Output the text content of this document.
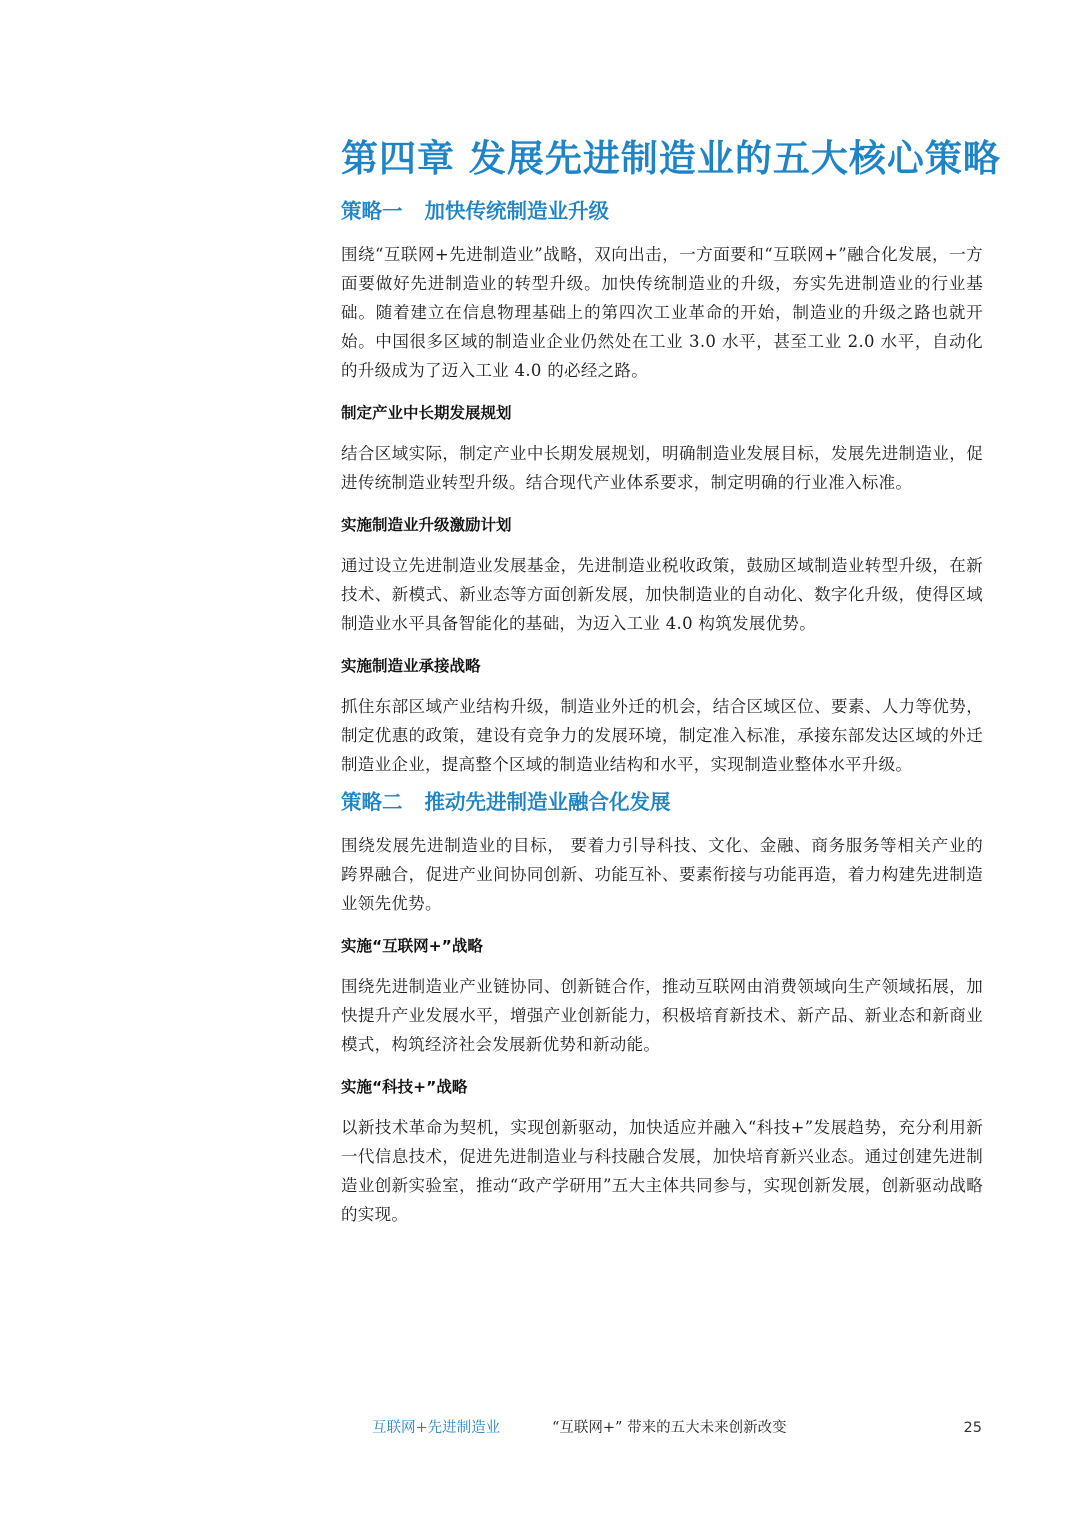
第四章 发展先进制造业的五大核心策略
策略一 加快传统制造业升级

围绕“互联网+先进制造业”战略，双向出击，一方面要和“互联网+”融合化发展，一方面要做好先进制造业的转型升级。加快传统制造业的升级，夯实先进制造业的行业基础。随着建立在信息物理基础上的第四次工业革命的开始，制造业的升级之路也就开始。中国很多区域的制造业企业仍然处在工业 3.0 水平，甚至工业 2.0 水平，自动化的升级成为了迈入工业 4.0 的必经之路。

制定产业中长期发展规划

结合区域实际，制定产业中长期发展规划，明确制造业发展目标，发展先进制造业，促进传统制造业转型升级。结合现代产业体系要求，制定明确的行业准入标准。

实施制造业升级激励计划

通过设立先进制造业发展基金，先进制造业税收政策，鼓励区域制造业转型升级，在新技术、新模式、新业态等方面创新发展，加快制造业的自动化、数字化升级，使得区域制造业水平具备智能化的基础，为迈入工业 4.0 构筑发展优势。

实施制造业承接战略

抓住东部区域产业结构升级，制造业外迁的机会，结合区域区位、要素、人力等优势，制定优惠的政策，建设有竞争力的发展环境，制定准入标准，承接东部发达区域的外迁制造业企业，提高整个区域的制造业结构和水平，实现制造业整体水平升级。

策略二 推动先进制造业融合化发展

围绕发展先进制造业的目标， 要着力引导科技、文化、金融、商务服务等相关产业的跨界融合，促进产业间协同创新、功能互补、要素衔接与功能再造，着力构建先进制造业领先优势。

实施“互联网+”战略

围绕先进制造业产业链协同、创新链合作，推动互联网由消费领域向生产领域拓展，加快提升产业发展水平，增强产业创新能力，积极培育新技术、新产品、新业态和新商业模式，构筑经济社会发展新优势和新动能。

实施“科技+”战略

以新技术革命为契机，实现创新驱动，加快适应并融入“科技+”发展趋势，充分利用新一代信息技术，促进先进制造业与科技融合发展，加快培育新兴业态。通过创建先进制造业创新实验室，推动“政产学研用”五大主体共同参与，实现创新发展，创新驱动战略的实现。

互联网+先进制造业	“互联网+” 带来的五大未来创新改变	25
